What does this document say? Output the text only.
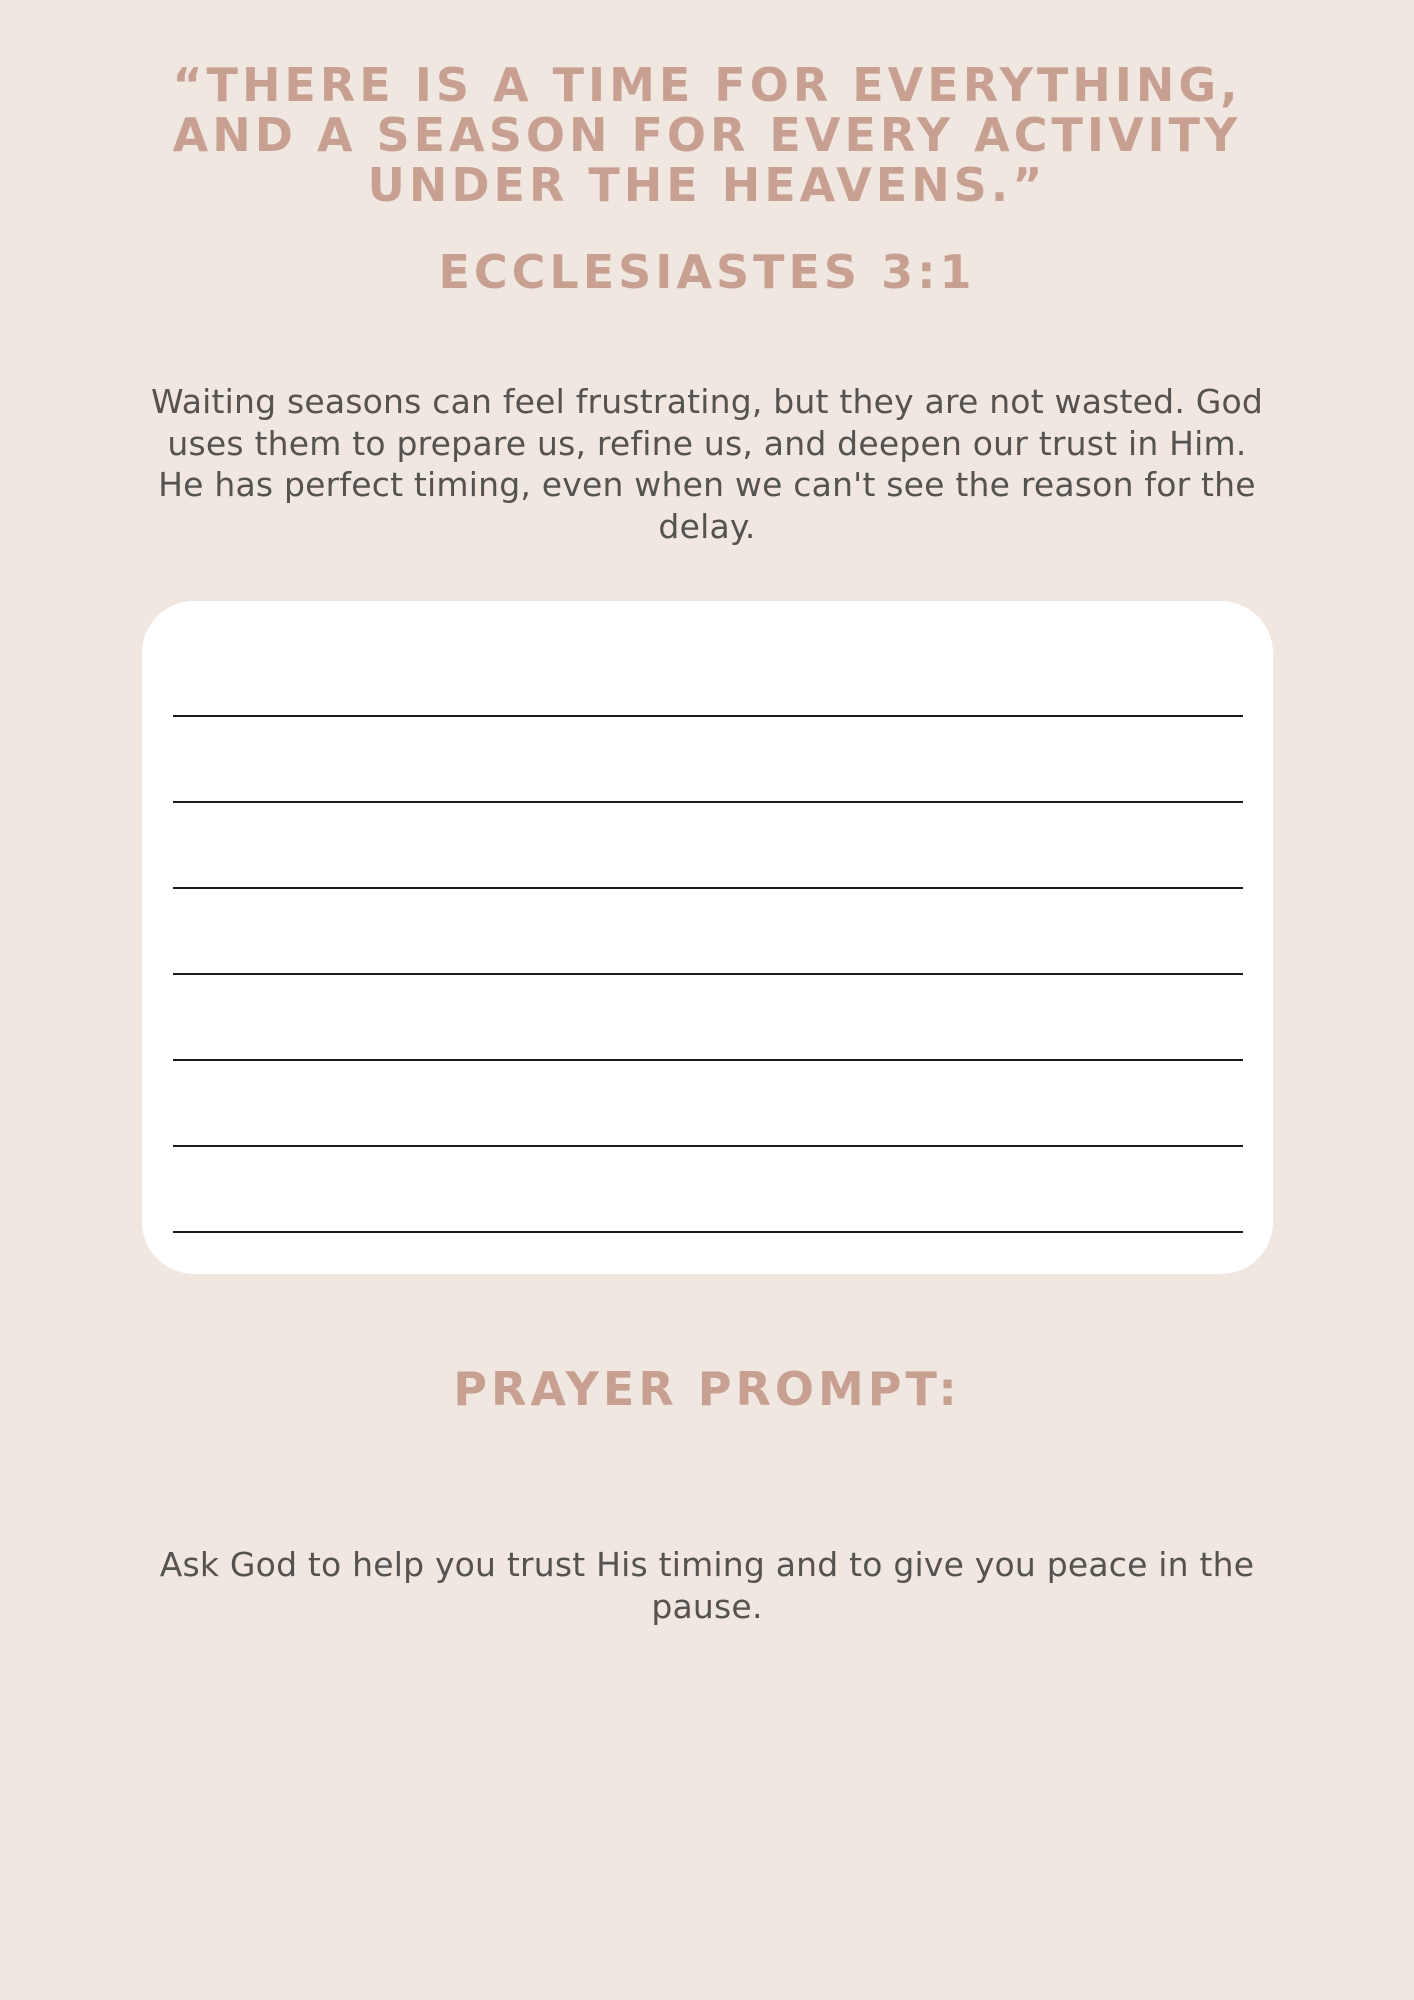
“THERE IS A TIME FOR EVERYTHING,
AND A SEASON FOR EVERY ACTIVITY
UNDER THE HEAVENS.”
ECCLESIASTES 3:1

Waiting seasons can feel frustrating, but they are not wasted. God
uses them to prepare us, refine us, and deepen our trust in Him.
He has perfect timing, even when we can't see the reason for the
delay.

PRAYER PROMPT:

Ask God to help you trust His timing and to give you peace in the
pause.
